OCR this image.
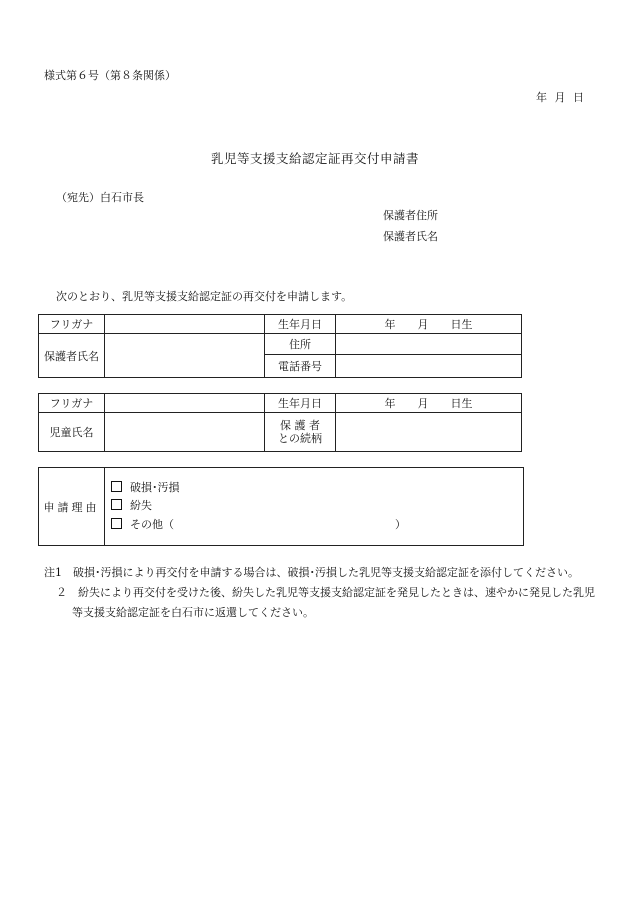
様式第６号（第８条関係）
年 月 日
乳児等支援支給認定証再交付申請書
（宛先）白石市長
保護者住所
保護者氏名
次のとおり、乳児等支援支給認定証の再交付を申請します。
フリガナ		生年月日	年　　月　　日生
保護者氏名		住所	
		電話番号	
フリガナ		生年月日	年　　月　　日生
児童氏名		保 護 者
との続柄	
申請理由	
破損･汚損
紛失
その他（	）
注1　破損･汚損により再交付を申請する場合は、破損･汚損した乳児等支援支給認定証を添付してください。
２　紛失により再交付を受けた後、紛失した乳児等支援支給認定証を発見したときは、速やかに発見した乳児
等支援支給認定証を白石市に返還してください。
